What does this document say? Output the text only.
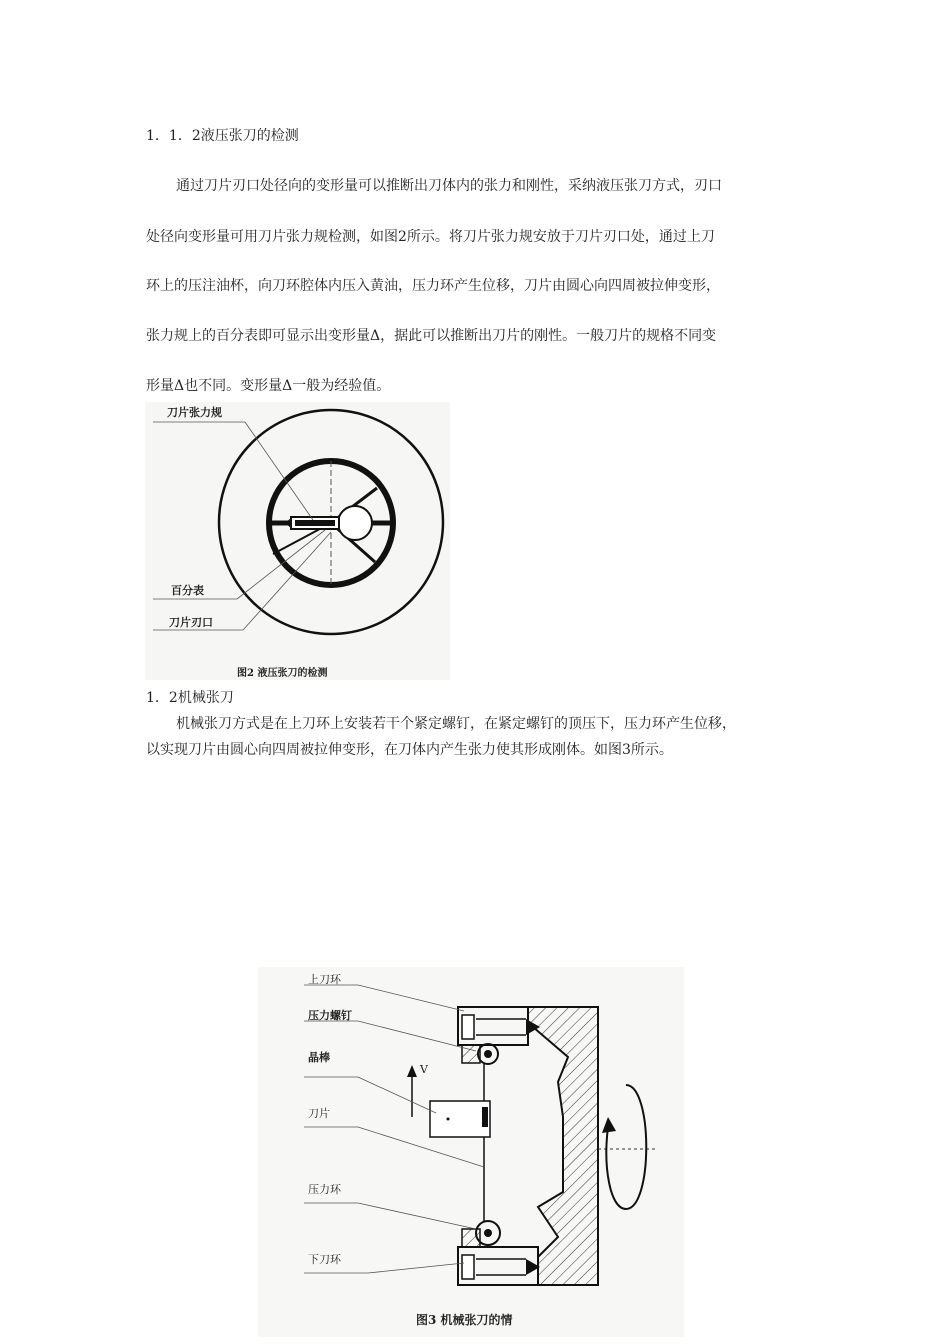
1．1．2液压张刀的检测
通过刀片刃口处径向的变形量可以推断出刀体内的张力和刚性，采纳液压张刀方式，刃口
处径向变形量可用刀片张力规检测，如图2所示。将刀片张力规安放于刀片刃口处，通过上刀
环上的压注油杯，向刀环腔体内压入黄油，压力环产生位移，刀片由圆心向四周被拉伸变形，
张力规上的百分表即可显示出变形量Δ，据此可以推断出刀片的刚性。一般刀片的规格不同变
形量Δ也不同。变形量Δ一般为经验值。
刀片张力规
百分表
刀片刃口
图2 液压张刀的检测
1．2机械张刀
机械张刀方式是在上刀环上安装若干个紧定螺钉，在紧定螺钉的顶压下，压力环产生位移，
以实现刀片由圆心向四周被拉伸变形，在刀体内产生张力使其形成刚体。如图3所示。
上刀环
压力螺钉
晶棒
刀片
压力环
下刀环
V
图3 机械张刀的情
